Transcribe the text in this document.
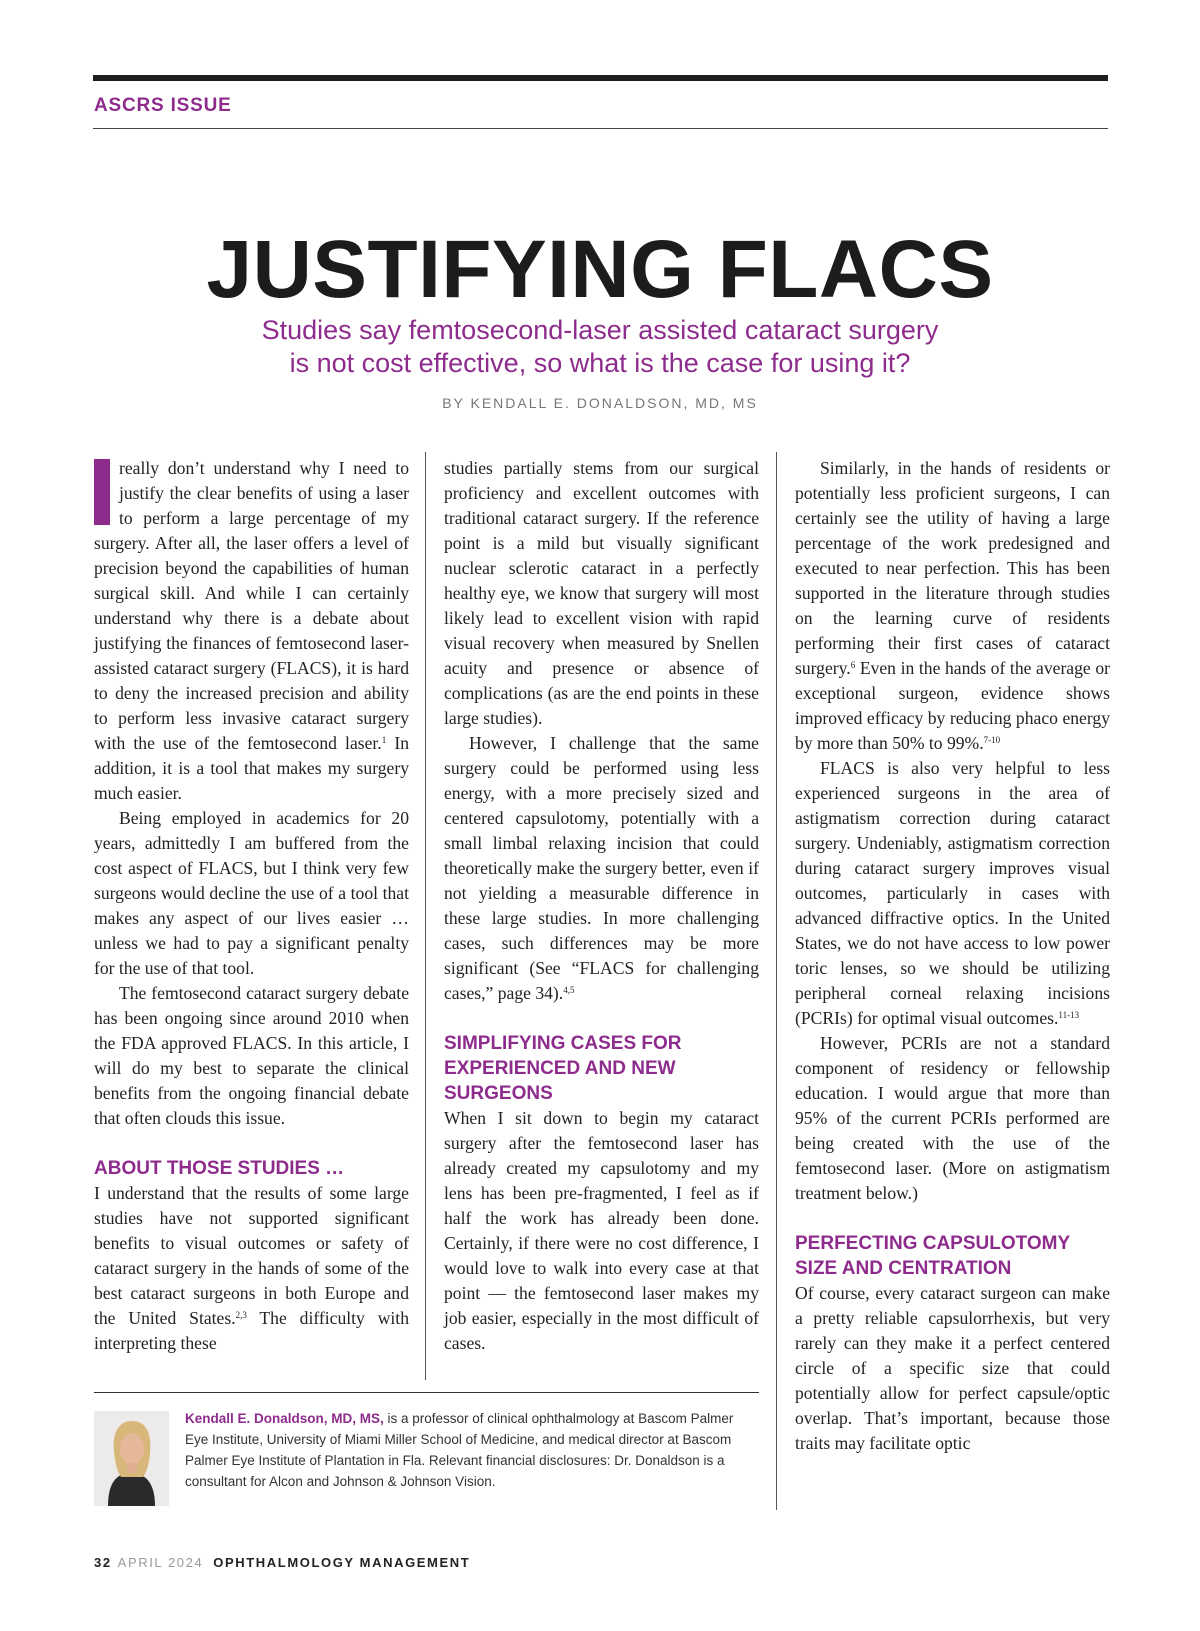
ASCRS ISSUE
JUSTIFYING FLACS
Studies say femtosecond-laser assisted cataract surgery
is not cost effective, so what is the case for using it?
BY KENDALL E. DONALDSON, MD, MS

really don’t understand why I need to justify the clear benefits of using a laser to perform a large percentage of my surgery. After all, the laser offers a level of precision beyond the capabilities of human surgical skill. And while I can certainly understand why there is a debate about justifying the finances of femtosecond laser-assisted cataract surgery (FLACS), it is hard to deny the increased precision and ability to perform less invasive cataract surgery with the use of the femtosecond laser.$^1$ In addition, it is a tool that makes my surgery much easier.

Being employed in academics for 20 years, admittedly I am buffered from the cost aspect of FLACS, but I think very few surgeons would decline the use of a tool that makes any aspect of our lives easier … unless we had to pay a significant penalty for the use of that tool.

The femtosecond cataract surgery debate has been ongoing since around 2010 when the FDA approved FLACS. In this article, I will do my best to separate the clinical benefits from the ongoing financial debate that often clouds this issue.

ABOUT THOSE STUDIES …

I understand that the results of some large studies have not supported significant benefits to visual outcomes or safety of cataract surgery in the hands of some of the best cataract surgeons in both Europe and the United States.$^{2,3}$ The difficulty with interpreting these

studies partially stems from our surgical proficiency and excellent outcomes with traditional cataract surgery. If the reference point is a mild but visually significant nuclear sclerotic cataract in a perfectly healthy eye, we know that surgery will most likely lead to excellent vision with rapid visual recovery when measured by Snellen acuity and presence or absence of complications (as are the end points in these large studies).

However, I challenge that the same surgery could be performed using less energy, with a more precisely sized and centered capsulotomy, potentially with a small limbal relaxing incision that could theoretically make the surgery better, even if not yielding a measurable difference in these large studies. In more challenging cases, such differences may be more significant (See “FLACS for challenging cases,” page 34).$^{4,5}$

SIMPLIFYING CASES FOR EXPERIENCED AND NEW SURGEONS

When I sit down to begin my cataract surgery after the femtosecond laser has already created my capsulotomy and my lens has been pre-fragmented, I feel as if half the work has already been done. Certainly, if there were no cost difference, I would love to walk into every case at that point — the femtosecond laser makes my job easier, especially in the most difficult of cases.

Similarly, in the hands of residents or potentially less proficient surgeons, I can certainly see the utility of having a large percentage of the work predesigned and executed to near perfection. This has been supported in the literature through studies on the learning curve of residents performing their first cases of cataract surgery.$^6$ Even in the hands of the average or exceptional surgeon, evidence shows improved efficacy by reducing phaco energy by more than 50% to 99%.$^{7-10}$

FLACS is also very helpful to less experienced surgeons in the area of astigmatism correction during cataract surgery. Undeniably, astigmatism correction during cataract surgery improves visual outcomes, particularly in cases with advanced diffractive optics. In the United States, we do not have access to low power toric lenses, so we should be utilizing peripheral corneal relaxing incisions (PCRIs) for optimal visual outcomes.$^{11-13}$

However, PCRIs are not a standard component of residency or fellowship education. I would argue that more than 95% of the current PCRIs performed are being created with the use of the femtosecond laser. (More on astigmatism treatment below.)

PERFECTING CAPSULOTOMY SIZE AND CENTRATION

Of course, every cataract surgeon can make a pretty reliable capsulorrhexis, but very rarely can they make it a perfect centered circle of a specific size that could potentially allow for perfect capsule/optic overlap. That’s important, because those traits may facilitate optic

Kendall E. Donaldson, MD, MS, is a professor of clinical ophthalmology at Bascom Palmer Eye Institute, University of Miami Miller School of Medicine, and medical director at Bascom Palmer Eye Institute of Plantation in Fla. Relevant financial disclosures: Dr. Donaldson is a consultant for Alcon and Johnson & Johnson Vision.
32 APRIL 2024 OPHTHALMOLOGY MANAGEMENT
